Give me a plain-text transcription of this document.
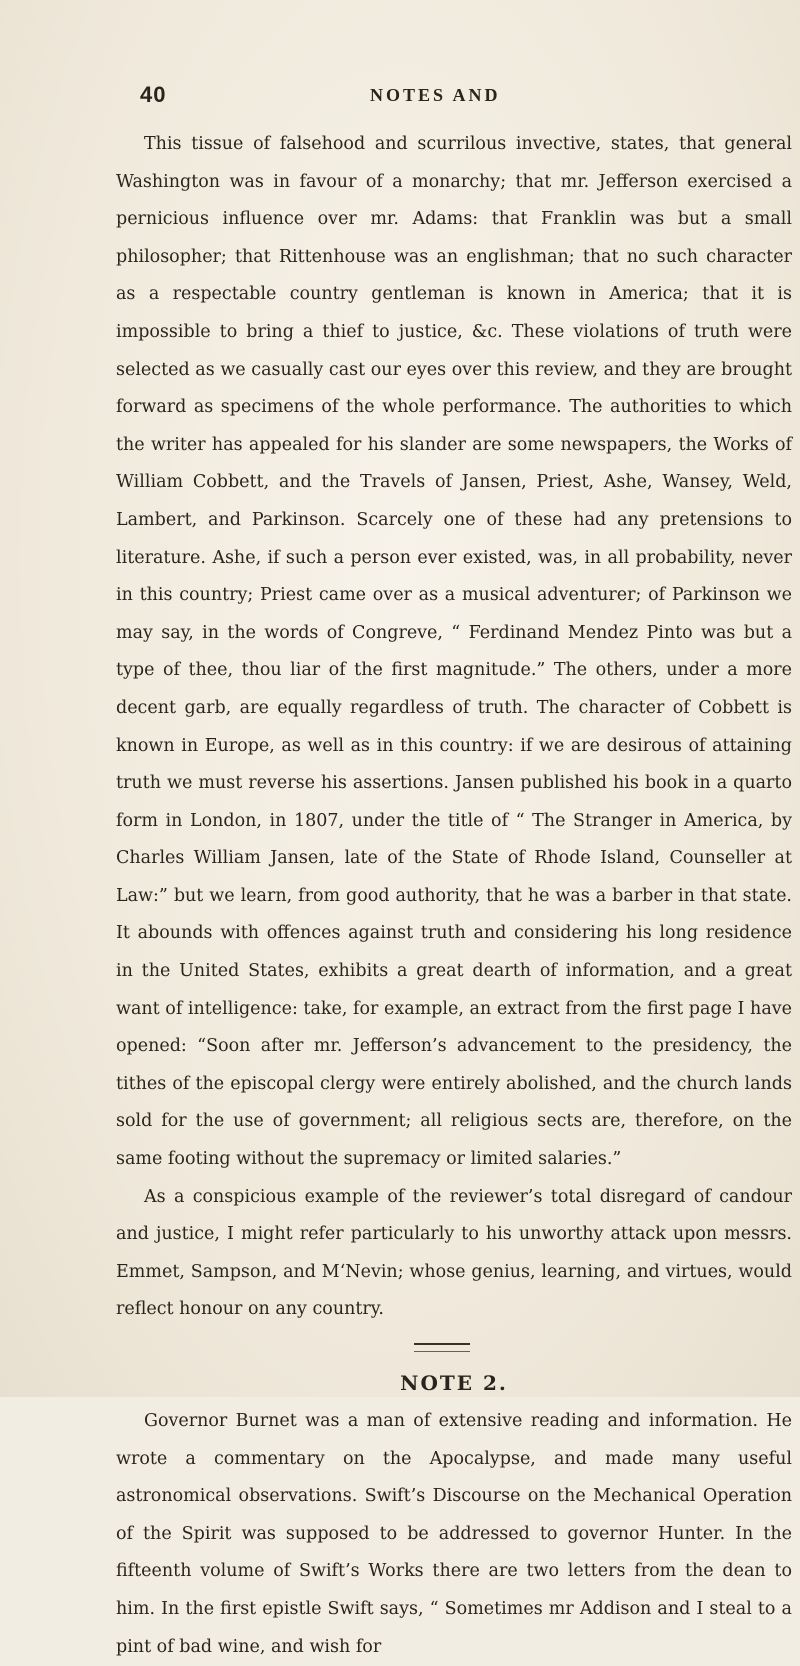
40	NOTES AND

This tissue of falsehood and scurrilous invective, states, that general Washington was in favour of a monarchy; that mr. Jefferson exercised a pernicious influence over mr. Adams: that Franklin was but a small philosopher; that Rittenhouse was an englishman; that no such character as a respectable country gentleman is known in America; that it is impossible to bring a thief to justice, &c. These violations of truth were selected as we casually cast our eyes over this review, and they are brought forward as specimens of the whole performance. The authorities to which the writer has appealed for his slander are some newspapers, the Works of William Cobbett, and the Travels of Jansen, Priest, Ashe, Wansey, Weld, Lambert, and Parkinson. Scarcely one of these had any pretensions to literature. Ashe, if such a person ever existed, was, in all probability, never in this country; Priest came over as a musical adventurer; of Parkinson we may say, in the words of Congreve, “ Ferdinand Mendez Pinto was but a type of thee, thou liar of the first magnitude.” The others, under a more decent garb, are equally regardless of truth. The character of Cobbett is known in Europe, as well as in this country: if we are desirous of attaining truth we must reverse his assertions. Jansen published his book in a quarto form in London, in 1807, under the title of “ The Stranger in America, by Charles William Jansen, late of the State of Rhode Island, Counseller at Law:” but we learn, from good authority, that he was a barber in that state. It abounds with offences against truth and considering his long residence in the United States, exhibits a great dearth of information, and a great want of intelligence: take, for example, an extract from the first page I have opened: “Soon after mr. Jefferson’s advancement to the presidency, the tithes of the episcopal clergy were entirely abolished, and the church lands sold for the use of government; all religious sects are, therefore, on the same footing without the supremacy or limited salaries.”

As a conspicious example of the reviewer’s total disregard of candour and justice, I might refer particularly to his unworthy attack upon messrs. Emmet, Sampson, and M‘Nevin; whose genius, learning, and virtues, would reflect honour on any country.

NOTE 2.

Governor Burnet was a man of extensive reading and information. He wrote a commentary on the Apocalypse, and made many useful astronomical observations. Swift’s Discourse on the Mechanical Operation of the Spirit was supposed to be addressed to governor Hunter. In the fifteenth volume of Swift’s Works there are two letters from the dean to him. In the first epistle Swift says, “ Sometimes mr Addison and I steal to a pint of bad wine, and wish for
